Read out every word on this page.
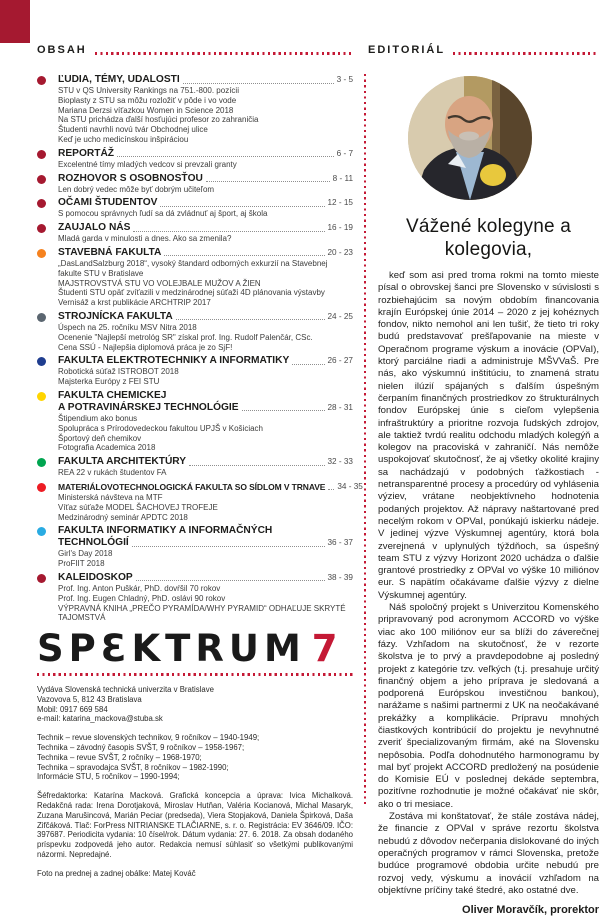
OBSAH	EDITORIÁL
ĽUDIA, TÉMY, UDALOSTI	3 - 5
STU v QS University Rankings na 751.-800. pozícii
Bioplasty z STU sa môžu rozložiť v pôde i vo vode
Mariana Derzsi víťazkou Women in Science 2018
Na STU prichádza ďalší hosťujúci profesor zo zahraničia
Študenti navrhli novú tvár Obchodnej ulice
Keď je ucho medicínskou inšpiráciou
REPORTÁŽ	6 - 7
Excelentné tímy mladých vedcov si prevzali granty
ROZHOVOR S OSOBNOSŤOU	8 - 11
Len dobrý vedec môže byť dobrým učiteľom
OČAMI ŠTUDENTOV	12 - 15
S pomocou správnych ľudí sa dá zvládnuť aj šport, aj škola
ZAUJALO NÁS	16 - 19
Mladá garda v minulosti a dnes. Ako sa zmenila?
STAVEBNÁ FAKULTA	20 - 23
„DasLandSalzburg 2018“, vysoký štandard odborných exkurzií na Stavebnej fakulte STU v Bratislave
MAJSTROVSTVÁ STU VO VOLEJBALE MUŽOV A ŽIEN
Študenti STU opäť zvíťazili v medzinárodnej súťaži 4D plánovania výstavby
Vernisáž a krst publikácie ARCHTRIP 2017
STROJNÍCKA FAKULTA	24 - 25
Úspech na 25. ročníku MSV Nitra 2018
Ocenenie "Najlepší metrológ SR" získal prof. Ing. Rudolf Palenčár, CSc.
Cena SSÚ - Najlepšia diplomová práca je zo SjF!
FAKULTA ELEKTROTECHNIKY A INFORMATIKY	26 - 27
Robotická súťaž ISTROBOT 2018
Majsterka Európy z FEI STU
FAKULTA CHEMICKEJ
A POTRAVINÁRSKEJ TECHNOLÓGIE	28 - 31
Štipendium ako bonus
Spolupráca s Prírodovedeckou fakultou UPJŠ v Košiciach
Športový deň chemikov
Fotografia Academica 2018
FAKULTA ARCHITEKTÚRY	32 - 33
REA 22 v rukách študentov FA
MATERIÁLOVOTECHNOLOGICKÁ FAKULTA SO SÍDLOM V TRNAVE 34 - 35
Ministerská návšteva na MTF
Víťaz súťaže MODEL ŠACHOVEJ TROFEJE
Medzinárodný seminár APDTC 2018
FAKULTA INFORMATIKY A INFORMAČNÝCH
TECHNOLÓGIÍ	36 - 37
Girl's Day 2018
ProFIIT 2018
KALEIDOSKOP	38 - 39
Prof. Ing. Anton Puškár, PhD. dovŕšil 70 rokov
Prof. Ing. Eugen Chladný, PhD. oslávi 90 rokov
VÝPRAVNÁ KNIHA „PREČO PYRAMÍDA/WHY PYRAMID“ ODHAĽUJE SKRYTÉ TAJOMSTVÁ
SPƐKTRUM 7
Vydáva Slovenská technická univerzita v Bratislave
Vazovova 5, 812 43 Bratislava
Mobil: 0917 669 584
e-mail: katarina_mackova@stuba.sk
Technik – revue slovenských technikov, 9 ročníkov – 1940-1949;
Technika – závodný časopis SVŠT, 9 ročníkov – 1958-1967;
Technika – revue SVŠT, 2 ročníky – 1968-1970;
Technika – spravodajca SVŠT, 8 ročníkov – 1982-1990;
Informácie STU, 5 ročníkov – 1990-1994;
Šéfredaktorka: Katarína Macková. Grafická koncepcia a úprava: Ivica Michalková. Redakčná rada: Irena Dorotjaková, Miroslav Hutňan, Valéria Kocianová, Michal Masaryk, Zuzana Marušincová, Marián Peciar (predseda), Viera Stopjaková, Daniela Špirková, Daša Zifčáková. Tlač: ForPress NITRIANSKE TLAČIARNE, s. r. o. Registrácia: EV 3646/09. IČO: 397687. Periodicita vydania: 10 čísel/rok. Dátum vydania: 27. 6. 2018. Za obsah dodaného príspevku zodpovedá jeho autor. Redakcia nemusí súhlasiť so všetkými publikovanými názormi. Nepredajné.
Foto na prednej a zadnej obálke: Matej Kováč
Vážené kolegyne a kolegovia,

keď som asi pred troma rokmi na tomto mieste písal o obrovskej šanci pre Slovensko v súvislosti s rozbiehajúcim sa novým obdobím financovania krajín Európskej únie 2014 – 2020 z jej kohéznych fondov, nikto nemohol ani len tušiť, že tieto tri roky budú predstavovať prešľapovanie na mieste v Operačnom programe výskum a inovácie (OPVaI), ktorý parciálne riadi a administruje MŠVVaŠ. Pre nás, ako výskumnú inštitúciu, to znamená stratu nielen ilúzií spájaných s ďalším úspešným čerpaním finančných prostriedkov zo štrukturálnych fondov Európskej únie s cieľom vylepšenia infraštruktúry a prioritne rozvoja ľudských zdrojov, ale taktiež tvrdú realitu odchodu mladých kolegýň a kolegov na pracoviská v zahraničí. Nás nemôže uspokojovať skutočnosť, že aj všetky okolité krajiny sa nachádzajú v podobných ťažkostiach - netransparentné procesy a procedúry od vyhlásenia výziev, vrátane neobjektívneho hodnotenia podaných projektov. Až nápravy naštartované pred necelým rokom v OPVaI, ponúkajú iskierku nádeje. V jedinej výzve Výskumnej agentúry, ktorá bola zverejnená v uplynulých týždňoch, sa úspešný team STU z výzvy Horizont 2020 uchádza o ďalšie grantové prostriedky z OPVaI vo výške 10 miliónov eur. S napätím očakávame ďalšie výzvy z dielne Výskumnej agentúry.

Náš spoločný projekt s Univerzitou Komenského pripravovaný pod acronymom ACCORD vo výške viac ako 100 miliónov eur sa blíži do záverečnej fázy. Vzhľadom na skutočnosť, že v rezorte školstva je to prvý a pravdepodobne aj posledný projekt z kategórie tzv. veľkých (t.j. presahuje určitý finančný objem a jeho príprava je sledovaná a podporená Európskou investičnou bankou), narážame s našimi partnermi z UK na neočakávané prekážky a komplikácie. Prípravu mnohých čiastkových kontribúcií do projektu je nevyhnutné zveriť špecializovaným firmám, aké na Slovensku nepôsobia. Podľa dohodnutého harmonogramu by mal byť projekt ACCORD predložený na posúdenie do Komisie EÚ v poslednej dekáde septembra, pozitívne rozhodnutie je možné očakávať nie skôr, ako o tri mesiace.

Zostáva mi konštatovať, že stále zostáva nádej, že financie z OPVaI v správe rezortu školstva nebudú z dôvodov nečerpania dislokované do iných operačných programov v rámci Slovenska, pretože budúce programové obdobia určite nebudú pre rozvoj vedy, výskumu a inovácií vzhľadom na objektívne príčiny také štedré, ako ostatné dve.

Oliver Moravčík, prorektor
